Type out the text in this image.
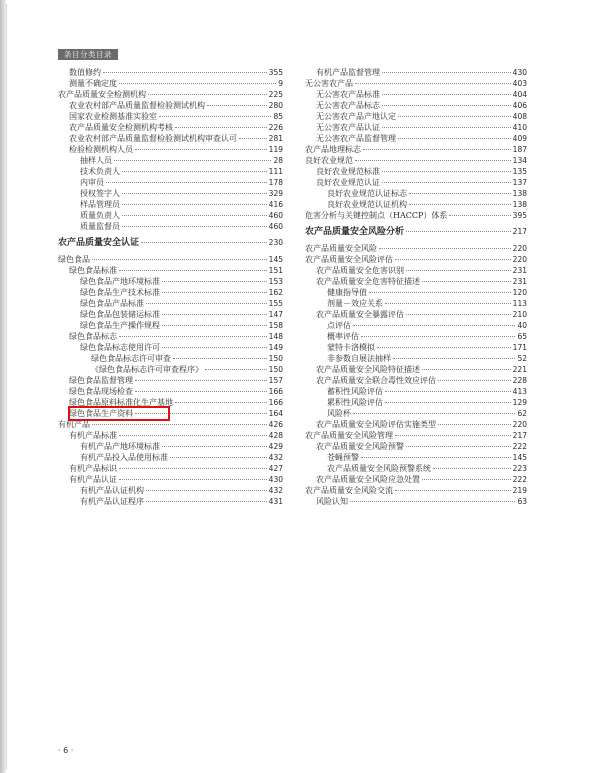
条目分类目录
数值修约	355
测量不确定度	9
农产品质量安全检测机构	225
农业农村部产品质量监督检验测试机构	280
国家农业检测基准实验室	85
农产品质量安全检测机构考核	226
农业农村部产品质量监督检验测试机构审查认可	281
检验检测机构人员	119
抽样人员	28
技术负责人	111
内审员	178
授权签字人	329
样品管理员	416
质量负责人	460
质量监督员	460
农产品质量安全认证	230
绿色食品	145
绿色食品标准	151
绿色食品产地环境标准	153
绿色食品生产技术标准	162
绿色食品产品标准	155
绿色食品包装储运标准	147
绿色食品生产操作规程	158
绿色食品标志	148
绿色食品标志使用许可	149
绿色食品标志许可审查	150
《绿色食品标志许可审查程序》	150
绿色食品监督管理	157
绿色食品现场检查	166
绿色食品原料标准化生产基地	166
绿色食品生产资料	164
有机产品	426
有机产品标准	428
有机产品产地环境标准	429
有机产品投入品使用标准	432
有机产品标识	427
有机产品认证	430
有机产品认证机构	432
有机产品认证程序	431
有机产品监督管理	430
无公害农产品	403
无公害农产品标准	404
无公害农产品标志	406
无公害农产品产地认定	408
无公害农产品认证	410
无公害农产品监督管理	409
农产品地理标志	187
良好农业规范	134
良好农业规范标准	135
良好农业规范认证	137
良好农业规范认证标志	138
良好农业规范认证机构	138
危害分析与关键控制点（HACCP）体系	395
农产品质量安全风险分析	217
农产品质量安全风险	220
农产品质量安全风险评估	220
农产品质量安全危害识别	231
农产品质量安全危害特征描述	231
健康指导值	120
剂量－效应关系	113
农产品质量安全暴露评估	210
点评估	40
概率评估	65
蒙特卡洛模拟	171
非参数自展法抽样	52
农产品质量安全风险特征描述	221
农产品质量安全联合毒性效应评估	228
蓄积性风险评估	413
累积性风险评估	129
风险杯	62
农产品质量安全风险评估实施类型	220
农产品质量安全风险管理	217
农产品质量安全风险预警	222
苍蝇预警	145
农产品质量安全风险预警系统	223
农产品质量安全风险应急处置	222
农产品质量安全风险交流	219
风险认知	63
· 6 ·
